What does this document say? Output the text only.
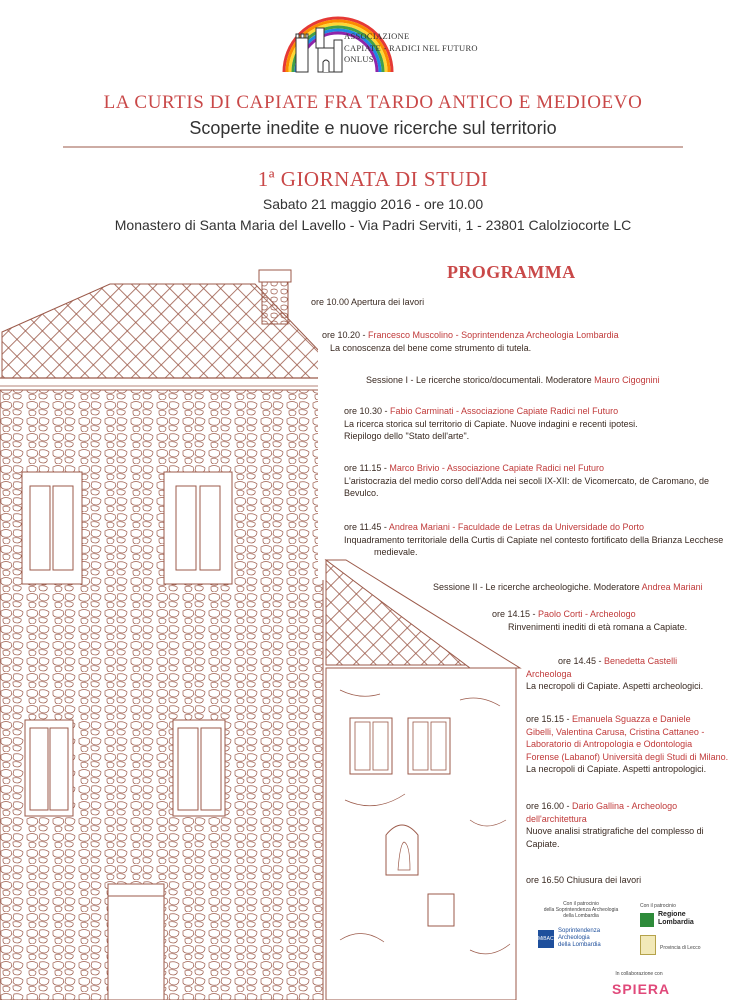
ASSOCIAZIONE
CAPIATE - RADICI NEL FUTURO
ONLUS
LA CURTIS DI CAPIATE FRA TARDO ANTICO E MEDIOEVO
Scoperte inedite e nuove ricerche sul territorio
1ª GIORNATA DI STUDI
Sabato 21 maggio 2016 - ore 10.00
Monastero di Santa Maria del Lavello - Via Padri Serviti, 1 - 23801 Calolziocorte LC
PROGRAMMA
ore 10.00 Apertura dei lavori

ore 10.20 - Francesco Muscolino - Soprintendenza Archeologia Lombardia

La conoscenza del bene come strumento di tutela.

Sessione I - Le ricerche storico/documentali. Moderatore Mauro Cigognini

ore 10.30 - Fabio Carminati - Associazione Capiate Radici nel Futuro

La ricerca storica sul territorio di Capiate. Nuove indagini e recenti ipotesi.

Riepilogo dello "Stato dell'arte".

ore 11.15 - Marco Brivio - Associazione Capiate Radici nel Futuro

L'aristocrazia del medio corso dell'Adda nei secoli IX-XII: de Vicomercato, de Caromano, de

Bevulco.

ore 11.45 - Andrea Mariani - Faculdade de Letras da Universidade do Porto

Inquadramento territoriale della Curtis di Capiate nel contesto fortificato della Brianza Lecchese

medievale.

Sessione II - Le ricerche archeologiche. Moderatore Andrea Mariani

ore 14.15 - Paolo Corti - Archeologo

Rinvenimenti inediti di età romana a Capiate.

ore 14.45 - Benedetta Castelli

Archeologa

La necropoli di Capiate. Aspetti archeologici.

ore 15.15 - Emanuela Sguazza e Daniele

Gibelli, Valentina Carusa, Cristina Cattaneo -

Laboratorio di Antropologia e Odontologia

Forense (Labanof) Università degli Studi di Milano.

La necropoli di Capiate. Aspetti antropologici.

ore 16.00 - Dario Gallina - Archeologo

dell'architettura

Nuove analisi stratigrafiche del complesso di

Capiate.

ore 16.50 Chiusura dei lavori
Con il patrocinio
della Soprintendenza Archeologia
della Lombardia
MiBACT
Soprintendenza
Archeologia
della Lombardia
Con il patrocinio
Regione
Lombardia
Provincia di Lecco
In collaborazione con
SPIERA
